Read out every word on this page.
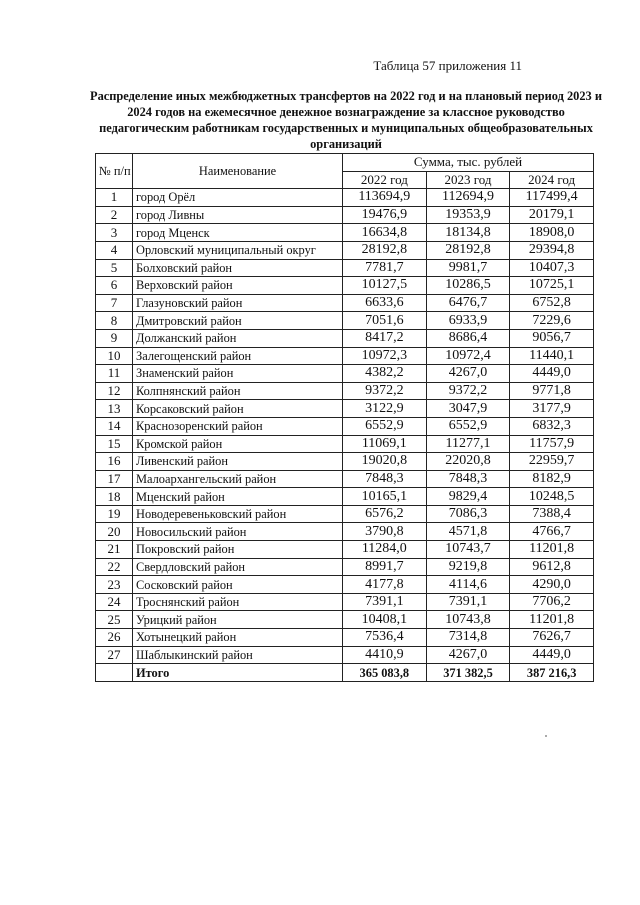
Таблица 57 приложения 11
Распределение иных межбюджетных трансфертов на 2022 год и на плановый период 2023 и 2024 годов на ежемесячное денежное вознаграждение за классное руководство педагогическим работникам государственных и муниципальных общеобразовательных организаций
№ п/п	Наименование	Сумма, тыс. рублей		
		2022 год	2023 год	2024 год
1	город Орёл	113694,9	112694,9	117499,4
2	город Ливны	19476,9	19353,9	20179,1
3	город Мценск	16634,8	18134,8	18908,0
4	Орловский муниципальный округ	28192,8	28192,8	29394,8
5	Болховский район	7781,7	9981,7	10407,3
6	Верховский район	10127,5	10286,5	10725,1
7	Глазуновский район	6633,6	6476,7	6752,8
8	Дмитровский район	7051,6	6933,9	7229,6
9	Должанский район	8417,2	8686,4	9056,7
10	Залегощенский район	10972,3	10972,4	11440,1
11	Знаменский район	4382,2	4267,0	4449,0
12	Колпнянский район	9372,2	9372,2	9771,8
13	Корсаковский район	3122,9	3047,9	3177,9
14	Краснозоренский район	6552,9	6552,9	6832,3
15	Кромской район	11069,1	11277,1	11757,9
16	Ливенский район	19020,8	22020,8	22959,7
17	Малоархангельский район	7848,3	7848,3	8182,9
18	Мценский район	10165,1	9829,4	10248,5
19	Новодеревеньковский район	6576,2	7086,3	7388,4
20	Новосильский район	3790,8	4571,8	4766,7
21	Покровский район	11284,0	10743,7	11201,8
22	Свердловский район	8991,7	9219,8	9612,8
23	Сосковский район	4177,8	4114,6	4290,0
24	Троснянский район	7391,1	7391,1	7706,2
25	Урицкий район	10408,1	10743,8	11201,8
26	Хотынецкий район	7536,4	7314,8	7626,7
27	Шаблыкинский район	4410,9	4267,0	4449,0
	Итого	365 083,8	371 382,5	387 216,3
